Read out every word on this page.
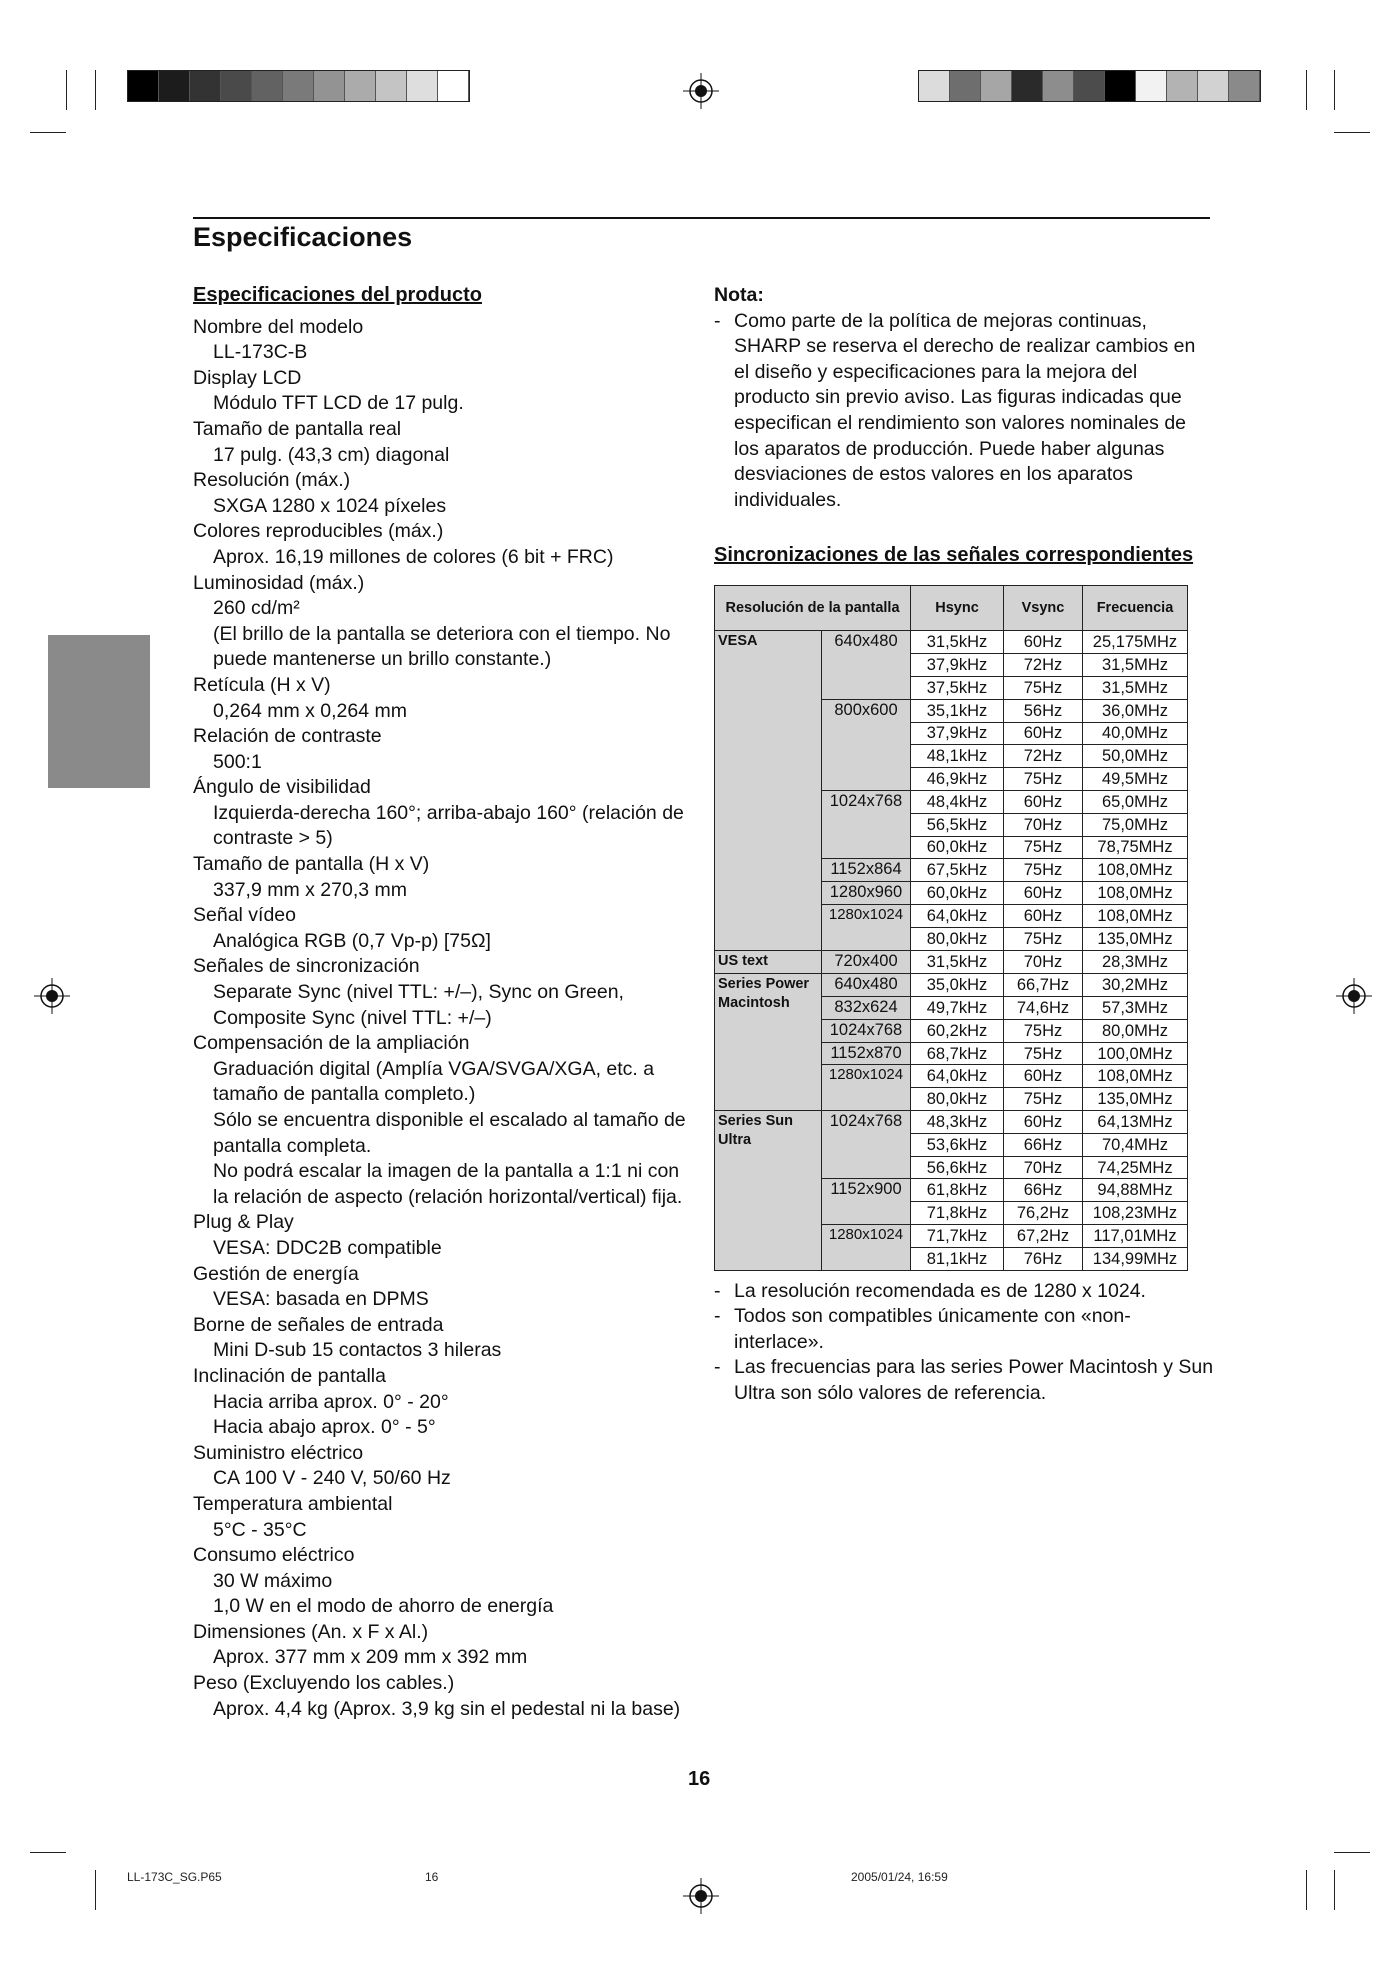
Especificaciones
Especificaciones del producto
Nombre del modelo
LL-173C-B
Display LCD
Módulo TFT LCD de 17 pulg.
Tamaño de pantalla real
17 pulg. (43,3 cm) diagonal
Resolución (máx.)
SXGA 1280 x 1024 píxeles
Colores reproducibles (máx.)
Aprox. 16,19 millones de colores (6 bit + FRC)
Luminosidad (máx.)
260 cd/m²
(El brillo de la pantalla se deteriora con el tiempo. No puede mantenerse un brillo constante.)
Retícula (H x V)
0,264 mm x 0,264 mm
Relación de contraste
500:1
Ángulo de visibilidad
Izquierda-derecha 160°; arriba-abajo 160° (relación de contraste > 5)
Tamaño de pantalla (H x V)
337,9 mm x 270,3 mm
Señal vídeo
Analógica RGB (0,7 Vp-p) [75Ω]
Señales de sincronización
Separate Sync (nivel TTL: +/–), Sync on Green, Composite Sync (nivel TTL: +/–)
Compensación de la ampliación
Graduación digital (Amplía VGA/SVGA/XGA, etc. a tamaño de pantalla completo.)
Sólo se encuentra disponible el escalado al tamaño de pantalla completa.
No podrá escalar la imagen de la pantalla a 1:1 ni con la relación de aspecto (relación horizontal/vertical) fija.
Plug & Play
VESA: DDC2B compatible
Gestión de energía
VESA: basada en DPMS
Borne de señales de entrada
Mini D-sub 15 contactos 3 hileras
Inclinación de pantalla
Hacia arriba aprox. 0° - 20°
Hacia abajo aprox. 0° - 5°
Suministro eléctrico
CA 100 V - 240 V, 50/60 Hz
Temperatura ambiental
5°C - 35°C
Consumo eléctrico
30 W máximo
1,0 W en el modo de ahorro de energía
Dimensiones (An. x F x Al.)
Aprox. 377 mm x 209 mm x 392 mm
Peso (Excluyendo los cables.)
Aprox. 4,4 kg (Aprox. 3,9 kg sin el pedestal ni la base)
Nota:
- Como parte de la política de mejoras continuas, SHARP se reserva el derecho de realizar cambios en el diseño y especificaciones para la mejora del producto sin previo aviso. Las figuras indicadas que especifican el rendimiento son valores nominales de los aparatos de producción. Puede haber algunas desviaciones de estos valores en los aparatos individuales.
Sincronizaciones de las señales correspondientes
Resolución de la pantalla		Hsync	Vsync	Frecuencia
VESA	640x480	31,5kHz	60Hz	25,175MHz
		37,9kHz	72Hz	31,5MHz
		37,5kHz	75Hz	31,5MHz
	800x600	35,1kHz	56Hz	36,0MHz
		37,9kHz	60Hz	40,0MHz
		48,1kHz	72Hz	50,0MHz
		46,9kHz	75Hz	49,5MHz
	1024x768	48,4kHz	60Hz	65,0MHz
		56,5kHz	70Hz	75,0MHz
		60,0kHz	75Hz	78,75MHz
	1152x864	67,5kHz	75Hz	108,0MHz
	1280x960	60,0kHz	60Hz	108,0MHz
	1280x1024	64,0kHz	60Hz	108,0MHz
		80,0kHz	75Hz	135,0MHz
US text	720x400	31,5kHz	70Hz	28,3MHz
Series Power Macintosh	640x480	35,0kHz	66,7Hz	30,2MHz
	832x624	49,7kHz	74,6Hz	57,3MHz
	1024x768	60,2kHz	75Hz	80,0MHz
	1152x870	68,7kHz	75Hz	100,0MHz
	1280x1024	64,0kHz	60Hz	108,0MHz
		80,0kHz	75Hz	135,0MHz
Series Sun Ultra	1024x768	48,3kHz	60Hz	64,13MHz
		53,6kHz	66Hz	70,4MHz
		56,6kHz	70Hz	74,25MHz
	1152x900	61,8kHz	66Hz	94,88MHz
		71,8kHz	76,2Hz	108,23MHz
	1280x1024	71,7kHz	67,2Hz	117,01MHz
		81,1kHz	76Hz	134,99MHz
- La resolución recomendada es de 1280 x 1024.
- Todos son compatibles únicamente con «non-interlace».
- Las frecuencias para las series Power Macintosh y Sun Ultra son sólo valores de referencia.
16
LL-173C_SG.P65	16	2005/01/24, 16:59
